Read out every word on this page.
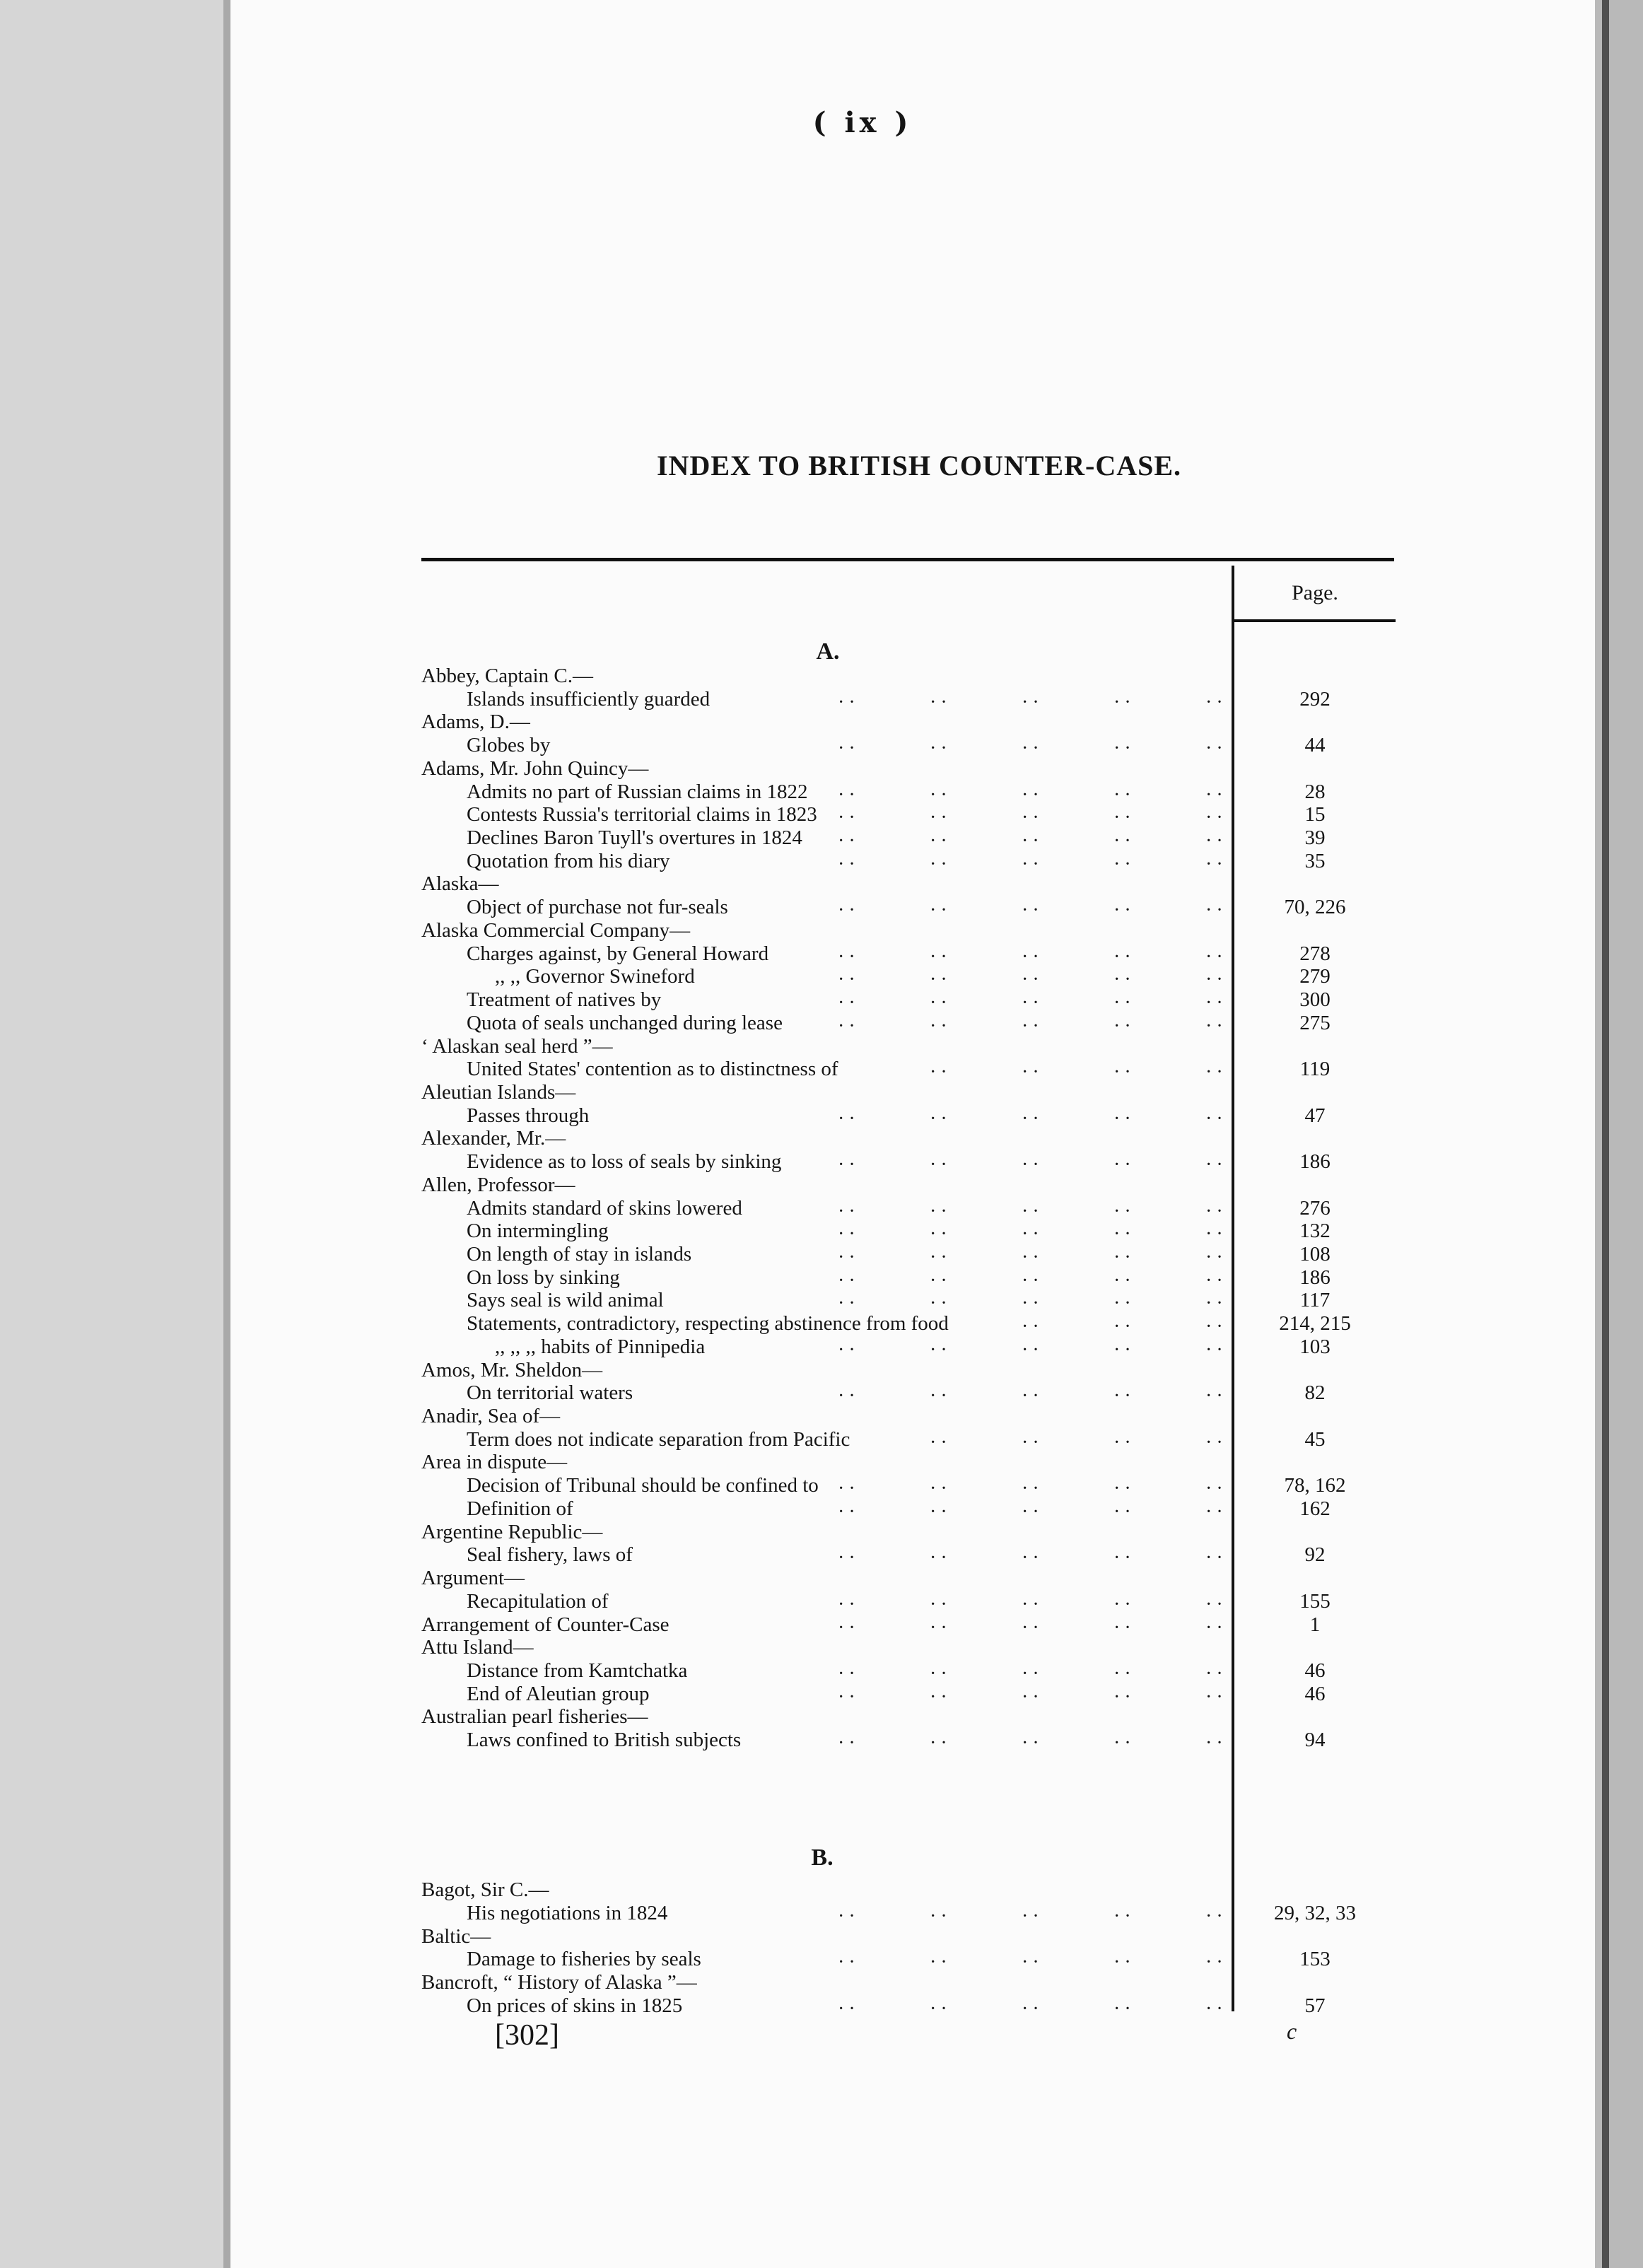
( ix )
INDEX TO BRITISH COUNTER-CASE.
Page.
A.
Abbey, Captain C.—
Islands insufficiently guarded	··	··	··	··	··	292
Adams, D.—
Globes by	··	··	··	··	··	44
Adams, Mr. John Quincy—
Admits no part of Russian claims in 1822 ··	··	··	··	··	28
Contests Russia's territorial claims in 1823 ··	··	··	··	··	15
Declines Baron Tuyll's overtures in 1824 ··	··	··	··	··	39
Quotation from his diary	··	··	··	··	··	35
Alaska—
Object of purchase not fur-seals	··	··	··	··	··	70, 226
Alaska Commercial Company—
Charges against, by General Howard	··	··	··	··	··	278
,, ,, Governor Swineford	··	··	··	··	··	279
Treatment of natives by	··	··	··	··	··	300
Quota of seals unchanged during lease	··	··	··	··	··	275
‘ Alaskan seal herd ”—
United States' contention as to distinctness of	··	··	··	··	119
Aleutian Islands—
Passes through	··	··	··	··	··	47
Alexander, Mr.—
Evidence as to loss of seals by sinking	··	··	··	··	··	186
Allen, Professor—
Admits standard of skins lowered	··	··	··	··	··	276
On intermingling	··	··	··	··	··	132
On length of stay in islands	··	··	··	··	··	108
On loss by sinking	··	··	··	··	··	186
Says seal is wild animal	··	··	··	··	··	117
Statements, contradictory, respecting abstinence from food	··	··	··	214, 215
,, ,, ,, habits of Pinnipedia	··	··	··	··	··	103
Amos, Mr. Sheldon—
On territorial waters	··	··	··	··	··	82
Anadir, Sea of—
Term does not indicate separation from Pacific	··	··	··	··	45
Area in dispute—
Decision of Tribunal should be confined to ··	··	··	··	··	78, 162
Definition of	··	··	··	··	··	162
Argentine Republic—
Seal fishery, laws of	··	··	··	··	··	92
Argument—
Recapitulation of	··	··	··	··	··	155
Arrangement of Counter-Case	··	··	··	··	··	1
Attu Island—
Distance from Kamtchatka	··	··	··	··	··	46
End of Aleutian group	··	··	··	··	··	46
Australian pearl fisheries—
Laws confined to British subjects	··	··	··	··	··	94
B.
Bagot, Sir C.—
His negotiations in 1824	··	··	··	··	··	29, 32, 33
Baltic—
Damage to fisheries by seals	··	··	··	··	··	153
Bancroft, “ History of Alaska ”—
On prices of skins in 1825	··	··	··	··	··	57
[302]	c
